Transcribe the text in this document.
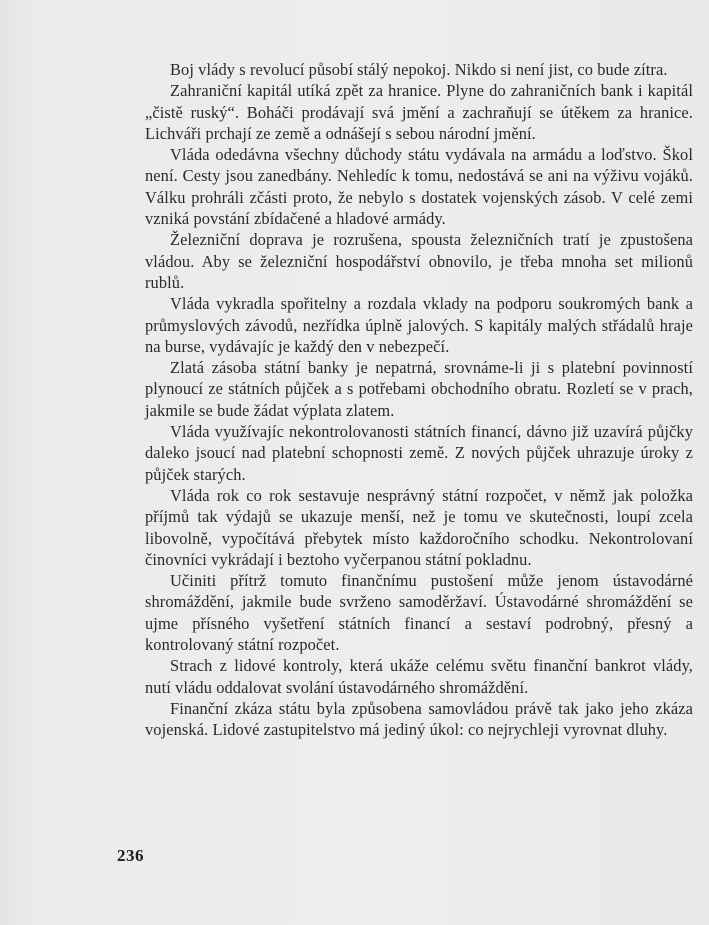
Boj vlády s revolucí působí stálý nepokoj. Nikdo si není jist, co bude zítra.

Zahraniční kapitál utíká zpět za hranice. Plyne do zahraničních bank i kapitál „čistě ruský“. Boháči prodávají svá jmění a zachraňují se útěkem za hranice. Lichváři prchají ze země a odnášejí s sebou národní jmění.

Vláda odedávna všechny důchody státu vydávala na armádu a loďstvo. Škol není. Cesty jsou zanedbány. Nehledíc k tomu, nedostává se ani na výživu vojáků. Válku prohráli zčásti proto, že nebylo s dostatek vojenských zásob. V celé zemi vzniká povstání zbídačené a hladové armády.

Železniční doprava je rozrušena, spousta železničních tratí je zpustošena vládou. Aby se železniční hospodářství obnovilo, je třeba mnoha set milionů rublů.

Vláda vykradla spořitelny a rozdala vklady na podporu soukromých bank a průmyslových závodů, nezřídka úplně jalových. S kapitály malých střádalů hraje na burse, vydávajíc je každý den v nebezpečí.

Zlatá zásoba státní banky je nepatrná, srovnáme-li ji s platební povinností plynoucí ze státních půjček a s potřebami obchodního obratu. Rozletí se v prach, jakmile se bude žádat výplata zlatem.

Vláda využívajíc nekontrolovanosti státních financí, dávno již uzavírá půjčky daleko jsoucí nad platební schopnosti země. Z nových půjček uhrazuje úroky z půjček starých.

Vláda rok co rok sestavuje nesprávný státní rozpočet, v němž jak položka příjmů tak výdajů se ukazuje menší, než je tomu ve skutečnosti, loupí zcela libovolně, vypočítává přebytek místo každoročního schodku. Nekontrolovaní činovníci vykrádají i beztoho vyčerpanou státní pokladnu.

Učiniti přítrž tomuto finančnímu pustošení může jenom ústavodárné shromáždění, jakmile bude svrženo samoděržaví. Ústavodárné shromáždění se ujme přísného vyšetření státních financí a sestaví podrobný, přesný a kontrolovaný státní rozpočet.

Strach z lidové kontroly, která ukáže celému světu finanční bankrot vlády, nutí vládu oddalovat svolání ústavodárného shromáždění.

Finanční zkáza státu byla způsobena samovládou právě tak jako jeho zkáza vojenská. Lidové zastupitelstvo má jediný úkol: co nejrychleji vyrovnat dluhy.

236
